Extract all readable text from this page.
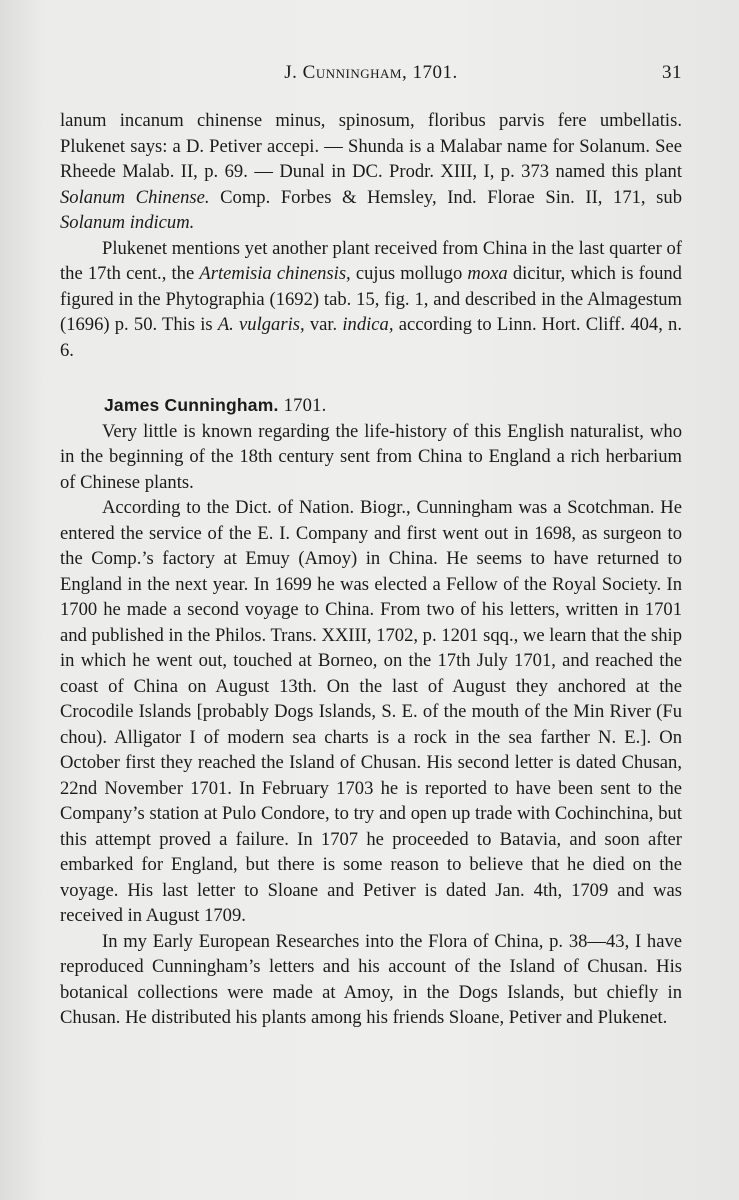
J. Cunningham, 1701.	31

lanum incanum chinense minus, spinosum, floribus parvis fere umbellatis. Plukenet says: a D. Petiver accepi. — Shunda is a Malabar name for Solanum. See Rheede Malab. II, p. 69. — Dunal in DC. Prodr. XIII, I, p. 373 named this plant Solanum Chinense. Comp. Forbes & Hemsley, Ind. Florae Sin. II, 171, sub Solanum indicum.

Plukenet mentions yet another plant received from China in the last quarter of the 17th cent., the Artemisia chinensis, cujus mollugo moxa dicitur, which is found figured in the Phytographia (1692) tab. 15, fig. 1, and described in the Almagestum (1696) p. 50. This is A. vulgaris, var. indica, according to Linn. Hort. Cliff. 404, n. 6.

James Cunningham. 1701.

Very little is known regarding the life-history of this English naturalist, who in the beginning of the 18th century sent from China to England a rich herbarium of Chinese plants.

According to the Dict. of Nation. Biogr., Cunningham was a Scotchman. He entered the service of the E. I. Company and first went out in 1698, as surgeon to the Comp.’s factory at Emuy (Amoy) in China. He seems to have returned to England in the next year. In 1699 he was elected a Fellow of the Royal Society. In 1700 he made a second voyage to China. From two of his letters, written in 1701 and published in the Philos. Trans. XXIII, 1702, p. 1201 sqq., we learn that the ship in which he went out, touched at Borneo, on the 17th July 1701, and reached the coast of China on August 13th. On the last of August they anchored at the Crocodile Islands [probably Dogs Islands, S. E. of the mouth of the Min River (Fu chou). Alligator I of modern sea charts is a rock in the sea farther N. E.]. On October first they reached the Island of Chusan. His second letter is dated Chusan, 22nd November 1701. In February 1703 he is reported to have been sent to the Company’s station at Pulo Condore, to try and open up trade with Cochinchina, but this attempt proved a failure. In 1707 he proceeded to Batavia, and soon after embarked for England, but there is some reason to believe that he died on the voyage. His last letter to Sloane and Petiver is dated Jan. 4th, 1709 and was received in August 1709.

In my Early European Researches into the Flora of China, p. 38—43, I have reproduced Cunningham’s letters and his account of the Island of Chusan. His botanical collections were made at Amoy, in the Dogs Islands, but chiefly in Chusan. He distributed his plants among his friends Sloane, Petiver and Plukenet.
